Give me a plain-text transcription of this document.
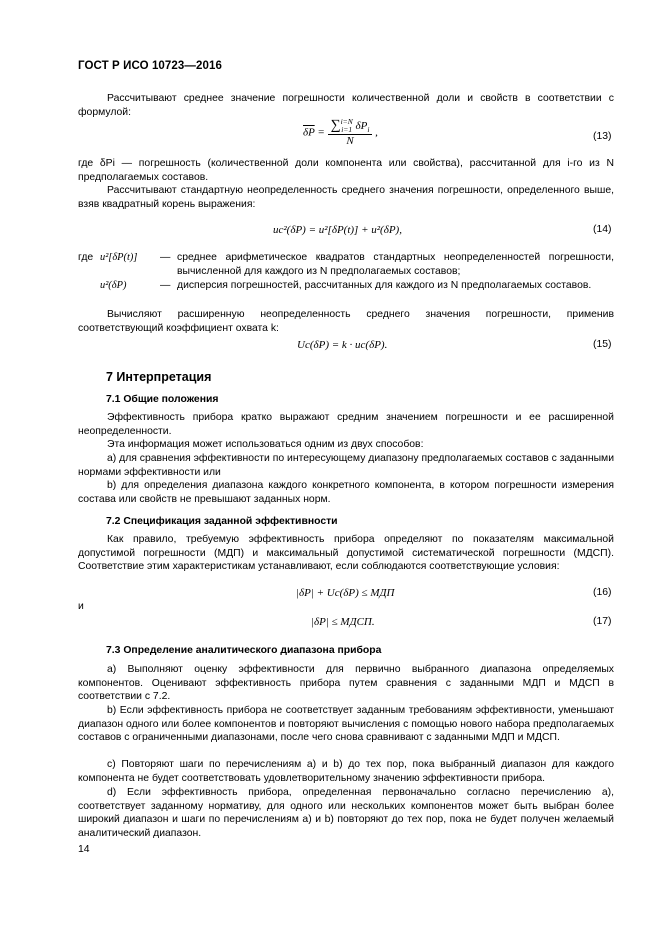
ГОСТ Р ИСО 10723—2016

Рассчитывают среднее значение погрешности количественной доли и свойств в соответствии с формулой:

$\overline{\delta P}$ = ∑ i=N
i=1 $\delta P_i$
N
,	(13)

где δPi — погрешность (количественной доли компонента или свойства), рассчитанной для i-го из N предполагаемых составов.

Рассчитывают стандартную неопределенность среднего значения погрешности, определенного выше, взяв квадратный корень выражения:

uc²(δP) = u²[δP(t)] + u²(δP),	(14)
где u²[δP(t)] — среднее арифметическое квадратов стандартных неопределенностей погрешности, вычисленной для каждого из N предполагаемых составов;
u²(δP)	— дисперсия погрешностей, рассчитанных для каждого из N предполагаемых составов.

Вычисляют расширенную неопределенность среднего значения погрешности, применив соответствующий коэффициент охвата k:

Uc(δP) = k · uc(δP).	(15)
7 Интерпретация
7.1 Общие положения

Эффективность прибора кратко выражают средним значением погрешности и ее расширенной неопределенности.

Эта информация может использоваться одним из двух способов:

a) для сравнения эффективности по интересующему диапазону предполагаемых составов с заданными нормами эффективности или

b) для определения диапазона каждого конкретного компонента, в котором погрешности измерения состава или свойств не превышают заданных норм.

7.2 Спецификация заданной эффективности

Как правило, требуемую эффективность прибора определяют по показателям максимальной допустимой погрешности (МДП) и максимальный допустимой систематической погрешности (МДСП). Соответствие этим характеристикам устанавливают, если соблюдаются соответствующие условия:

|δP| + Uc(δP) ≤ МДП	(16)
и
|δP| ≤ МДСП.	(17)
7.3 Определение аналитического диапазона прибора

a) Выполняют оценку эффективности для первично выбранного диапазона определяемых компонентов. Оценивают эффективность прибора путем сравнения с заданными МДП и МДСП в соответствии с 7.2.

b) Если эффективность прибора не соответствует заданным требованиям эффективности, уменьшают диапазон одного или более компонентов и повторяют вычисления с помощью нового набора предполагаемых составов с ограниченными диапазонами, после чего снова сравнивают с заданными МДП и МДСП.

c) Повторяют шаги по перечислениям a) и b) до тех пор, пока выбранный диапазон для каждого компонента не будет соответствовать удовлетворительному значению эффективности прибора.

d) Если эффективность прибора, определенная первоначально согласно перечислению a), соответствует заданному нормативу, для одного или нескольких компонентов может быть выбран более широкий диапазон и шаги по перечислениям a) и b) повторяют до тех пор, пока не будет получен желаемый аналитический диапазон.

14
